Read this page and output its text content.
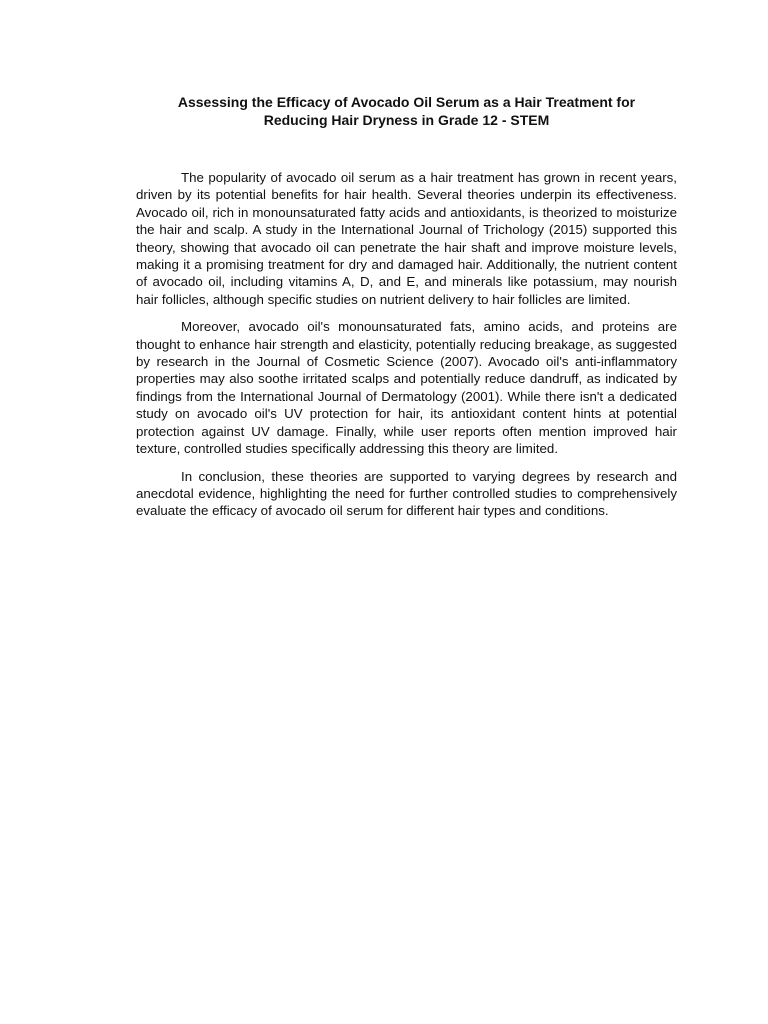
Assessing the Efficacy of Avocado Oil Serum as a Hair Treatment for
Reducing Hair Dryness in Grade 12 - STEM

The popularity of avocado oil serum as a hair treatment has grown in recent years, driven by its potential benefits for hair health. Several theories underpin its effectiveness. Avocado oil, rich in monounsaturated fatty acids and antioxidants, is theorized to moisturize the hair and scalp. A study in the International Journal of Trichology (2015) supported this theory, showing that avocado oil can penetrate the hair shaft and improve moisture levels, making it a promising treatment for dry and damaged hair. Additionally, the nutrient content of avocado oil, including vitamins A, D, and E, and minerals like potassium, may nourish hair follicles, although specific studies on nutrient delivery to hair follicles are limited.

Moreover, avocado oil's monounsaturated fats, amino acids, and proteins are thought to enhance hair strength and elasticity, potentially reducing breakage, as suggested by research in the Journal of Cosmetic Science (2007). Avocado oil's anti-inflammatory properties may also soothe irritated scalps and potentially reduce dandruff, as indicated by findings from the International Journal of Dermatology (2001). While there isn't a dedicated study on avocado oil's UV protection for hair, its antioxidant content hints at potential protection against UV damage. Finally, while user reports often mention improved hair texture, controlled studies specifically addressing this theory are limited.

In conclusion, these theories are supported to varying degrees by research and anecdotal evidence, highlighting the need for further controlled studies to comprehensively evaluate the efficacy of avocado oil serum for different hair types and conditions.
